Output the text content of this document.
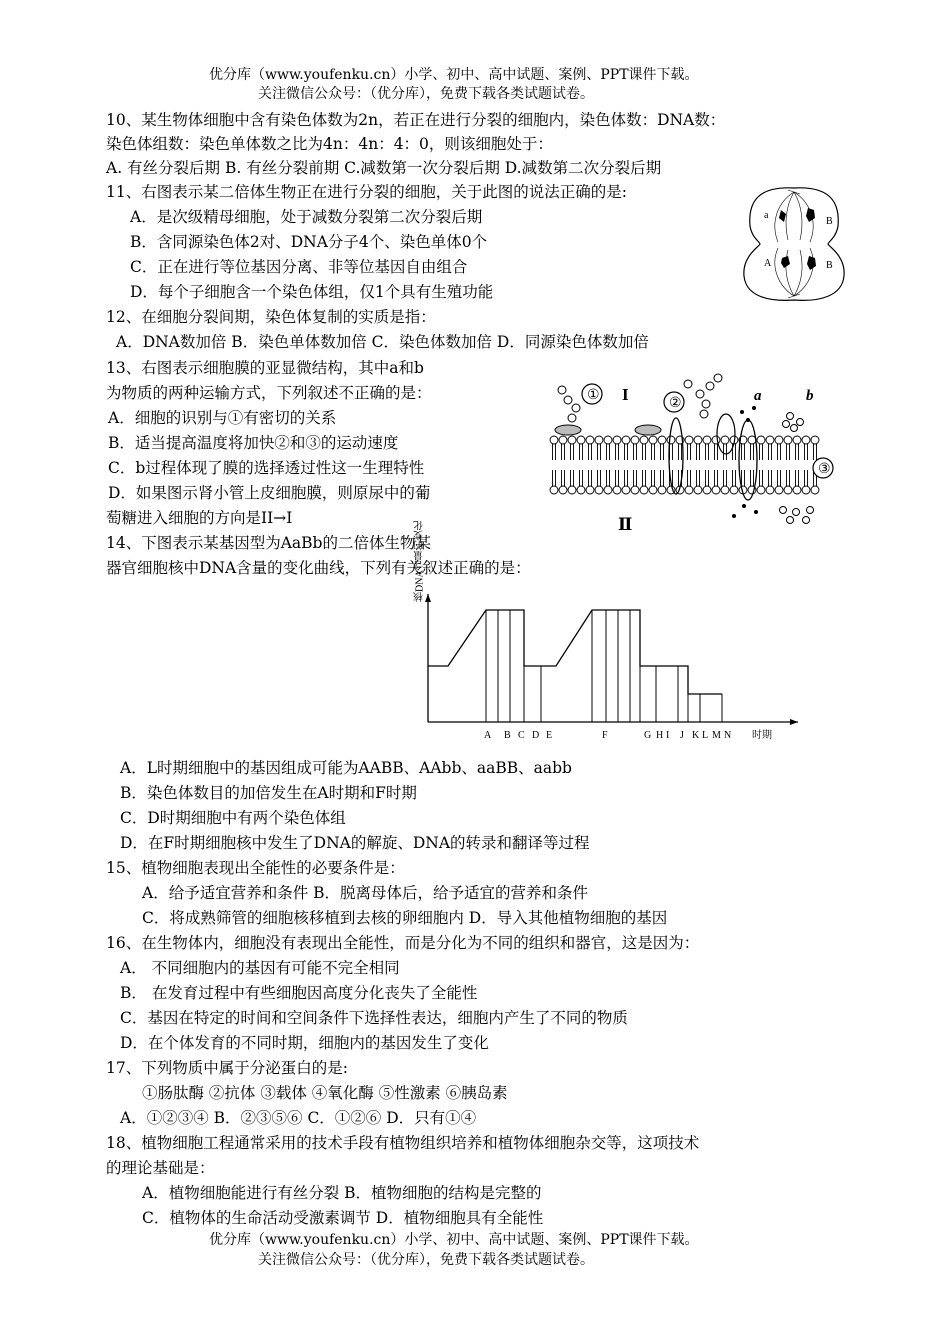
优分库（www.youfenku.cn）小学、初中、高中试题、案例、PPT课件下载。
关注微信公众号：（优分库），免费下载各类试题试卷。
10、某生物体细胞中含有染色体数为2n，若正在进行分裂的细胞内，染色体数：DNA数：
染色体组数：染色单体数之比为4n：4n：4：0，则该细胞处于：
A. 有丝分裂后期 B. 有丝分裂前期 C.减数第一次分裂后期 D.减数第二次分裂后期
11、右图表示某二倍体生物正在进行分裂的细胞，关于此图的说法正确的是:
A．是次级精母细胞，处于减数分裂第二次分裂后期
B．含同源染色体2对、DNA分子4个、染色单体0个
C．正在进行等位基因分离、非等位基因自由组合
D．每个子细胞含一个染色体组，仅1个具有生殖功能
a
B
A	B
12、在细胞分裂间期，染色体复制的实质是指：
A．DNA数加倍 B．染色单体数加倍 C．染色体数加倍 D．同源染色体数加倍
13、右图表示细胞膜的亚显微结构，其中a和b
为物质的两种运输方式，下列叙述不正确的是：
A．细胞的识别与①有密切的关系
B．适当提高温度将加快②和③的运动速度
C．b过程体现了膜的选择透过性这一生理特性
D．如果图示肾小管上皮细胞膜，则原尿中的葡
萄糖进入细胞的方向是II→I
①
②
③
I
Ⅱ
a	b
14、下图表示某基因型为AaBb的二倍体生物某
器官细胞核中DNA含量的变化曲线，下列有关叙述正确的是：
核DNA含量的变化
A B C D E	F	G H I J K L M N 时期
A．L时期细胞中的基因组成可能为AABB、AAbb、aaBB、aabb
B．染色体数目的加倍发生在A时期和F时期
C．D时期细胞中有两个染色体组
D．在F时期细胞核中发生了DNA的解旋、DNA的转录和翻译等过程
15、植物细胞表现出全能性的必要条件是：
A．给予适宜营养和条件 B．脱离母体后，给予适宜的营养和条件
C．将成熟筛管的细胞核移植到去核的卵细胞内 D．导入其他植物细胞的基因
16、在生物体内，细胞没有表现出全能性，而是分化为不同的组织和器官，这是因为：
A． 不同细胞内的基因有可能不完全相同
B． 在发育过程中有些细胞因高度分化丧失了全能性
C．基因在特定的时间和空间条件下选择性表达，细胞内产生了不同的物质
D．在个体发育的不同时期，细胞内的基因发生了变化
17、下列物质中属于分泌蛋白的是:
①肠肽酶 ②抗体 ③载体 ④氧化酶 ⑤性激素 ⑥胰岛素
A．①②③④ B．②③⑤⑥ C．①②⑥ D．只有①④
18、植物细胞工程通常采用的技术手段有植物组织培养和植物体细胞杂交等，这项技术
的理论基础是：
A．植物细胞能进行有丝分裂 B．植物细胞的结构是完整的
C．植物体的生命活动受激素调节 D．植物细胞具有全能性
优分库（www.youfenku.cn）小学、初中、高中试题、案例、PPT课件下载。
关注微信公众号：（优分库），免费下载各类试题试卷。
